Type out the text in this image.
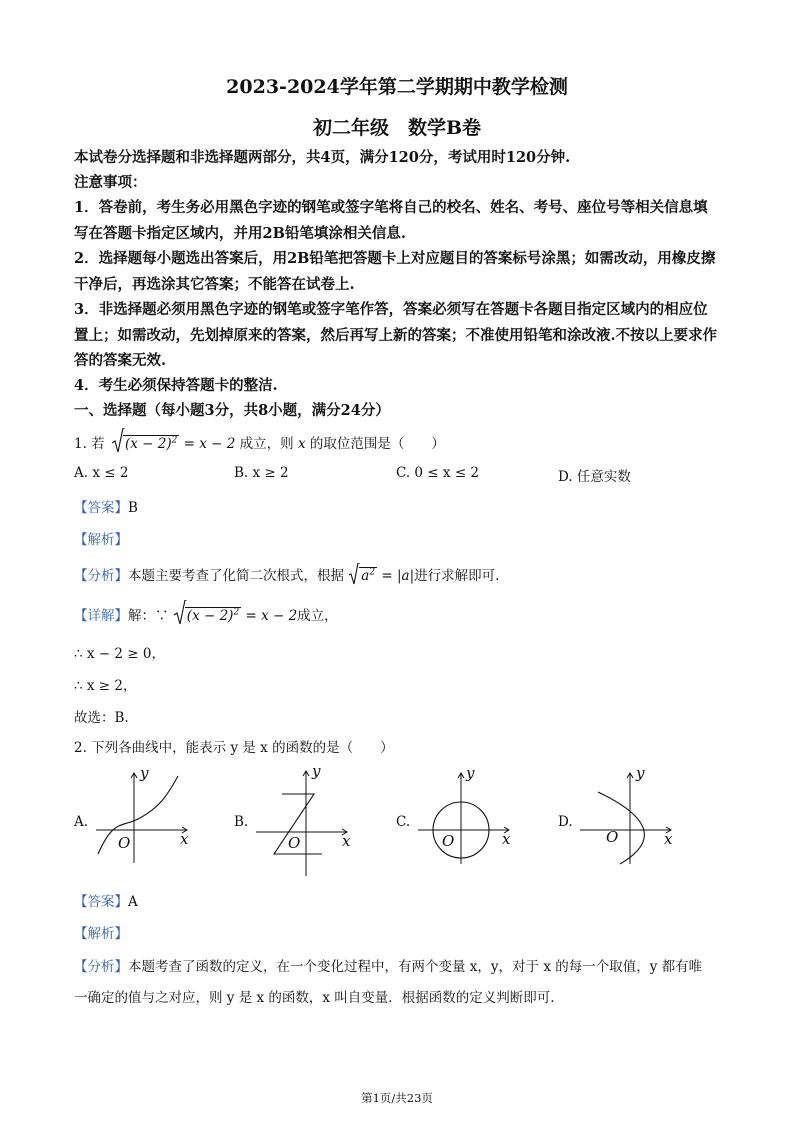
2023-2024学年第二学期期中教学检测
初二年级　数学B卷
本试卷分选择题和非选择题两部分，共4页，满分120分，考试用时120分钟.
注意事项：
1．答卷前，考生务必用黑色字迹的钢笔或签字笔将自己的校名、姓名、考号、座位号等相关信息填写在答题卡指定区域内，并用2B铅笔填涂相关信息.
2．选择题每小题选出答案后，用2B铅笔把答题卡上对应题目的答案标号涂黑；如需改动，用橡皮擦干净后，再选涂其它答案；不能答在试卷上.
3．非选择题必须用黑色字迹的钢笔或签字笔作答，答案必须写在答题卡各题目指定区域内的相应位置上；如需改动，先划掉原来的答案，然后再写上新的答案；不准使用铅笔和涂改液.不按以上要求作答的答案无效.
4．考生必须保持答题卡的整洁.
一、选择题（每小题3分，共8小题，满分24分）
1. 若 $(x - 2)^2 = x - 2$ 成立，则 x 的取位范围是（　　）
A. x ≤ 2	B. x ≥ 2	C. 0 ≤ x ≤ 2	D. 任意实数
【答案】B
【解析】
【分析】本题主要考查了化简二次根式，根据 $a^2 = |a|$进行求解即可.
【详解】解：∵ $(x - 2)^2 = x - 2$成立，
∴ x − 2 ≥ 0，
∴ x ≥ 2，
故选：B.
2. 下列各曲线中，能表示 y 是 x 的函数的是（　　）
A.
y
x
O
B.
y
x
O
C.
y
x
O
D.
y
x
O
【答案】A
【解析】
【分析】本题考查了函数的定义，在一个变化过程中，有两个变量 x，y，对于 x 的每一个取值，y 都有唯
一确定的值与之对应，则 y 是 x 的函数，x 叫自变量．根据函数的定义判断即可.
第1页/共23页
